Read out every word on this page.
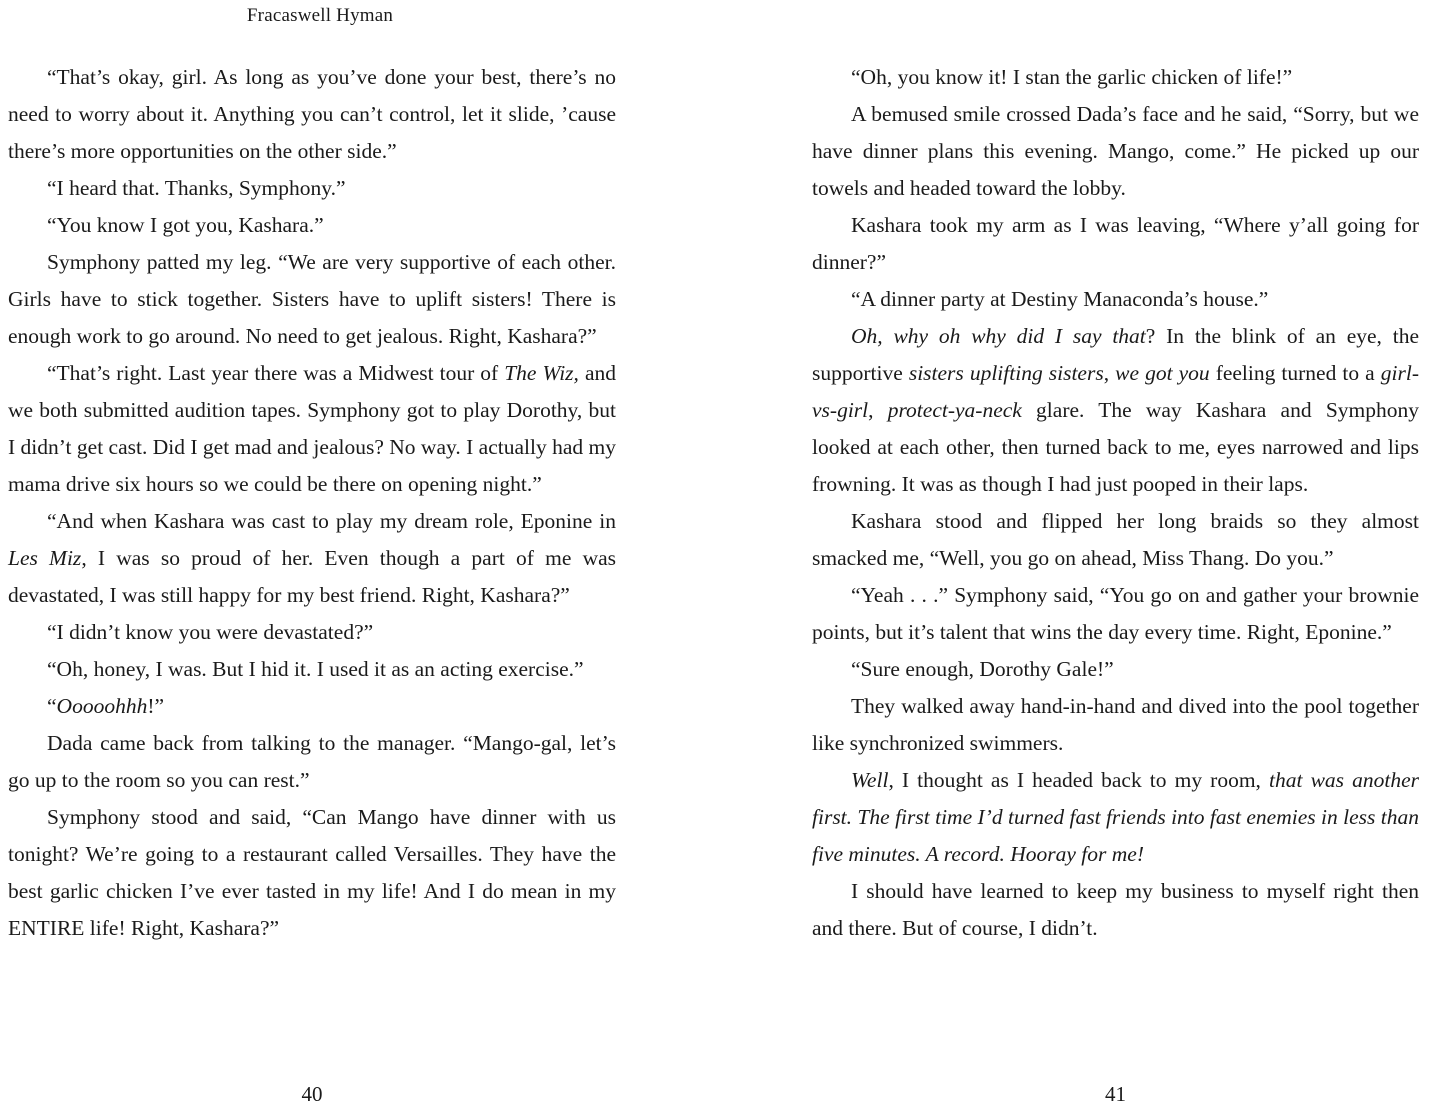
Fracaswell Hyman

“That’s okay, girl. As long as you’ve done your best, there’s no need to worry about it. Anything you can’t control, let it slide, ’cause there’s more opportunities on the other side.”

“I heard that. Thanks, Symphony.”

“You know I got you, Kashara.”

Symphony patted my leg. “We are very supportive of each other. Girls have to stick together. Sisters have to uplift sisters! There is enough work to go around. No need to get jealous. Right, Kashara?”

“That’s right. Last year there was a Midwest tour of The Wiz, and we both submitted audition tapes. Symphony got to play Dorothy, but I didn’t get cast. Did I get mad and jealous? No way. I actually had my mama drive six hours so we could be there on opening night.”

“And when Kashara was cast to play my dream role, Eponine in Les Miz, I was so proud of her. Even though a part of me was devastated, I was still happy for my best friend. Right, Kashara?”

“I didn’t know you were devastated?”

“Oh, honey, I was. But I hid it. I used it as an acting exercise.”

“Ooooohhh!”

Dada came back from talking to the manager. “Mango-gal, let’s go up to the room so you can rest.”

Symphony stood and said, “Can Mango have dinner with us tonight? We’re going to a restaurant called Versailles. They have the best garlic chicken I’ve ever tasted in my life! And I do mean in my ENTIRE life! Right, Kashara?”

40

“Oh, you know it! I stan the garlic chicken of life!”

A bemused smile crossed Dada’s face and he said, “Sorry, but we have dinner plans this evening. Mango, come.” He picked up our towels and headed toward the lobby.

Kashara took my arm as I was leaving, “Where y’all going for dinner?”

“A dinner party at Destiny Manaconda’s house.”

Oh, why oh why did I say that? In the blink of an eye, the supportive sisters uplifting sisters, we got you feeling turned to a girl-vs-girl, protect-ya-neck glare. The way Kashara and Symphony looked at each other, then turned back to me, eyes narrowed and lips frowning. It was as though I had just pooped in their laps.

Kashara stood and flipped her long braids so they almost smacked me, “Well, you go on ahead, Miss Thang. Do you.”

“Yeah . . .” Symphony said, “You go on and gather your brownie points, but it’s talent that wins the day every time. Right, Eponine.”

“Sure enough, Dorothy Gale!”

They walked away hand-in-hand and dived into the pool together like synchronized swimmers.

Well, I thought as I headed back to my room, that was another first. The first time I’d turned fast friends into fast enemies in less than five minutes. A record. Hooray for me!

I should have learned to keep my business to myself right then and there. But of course, I didn’t.

41
